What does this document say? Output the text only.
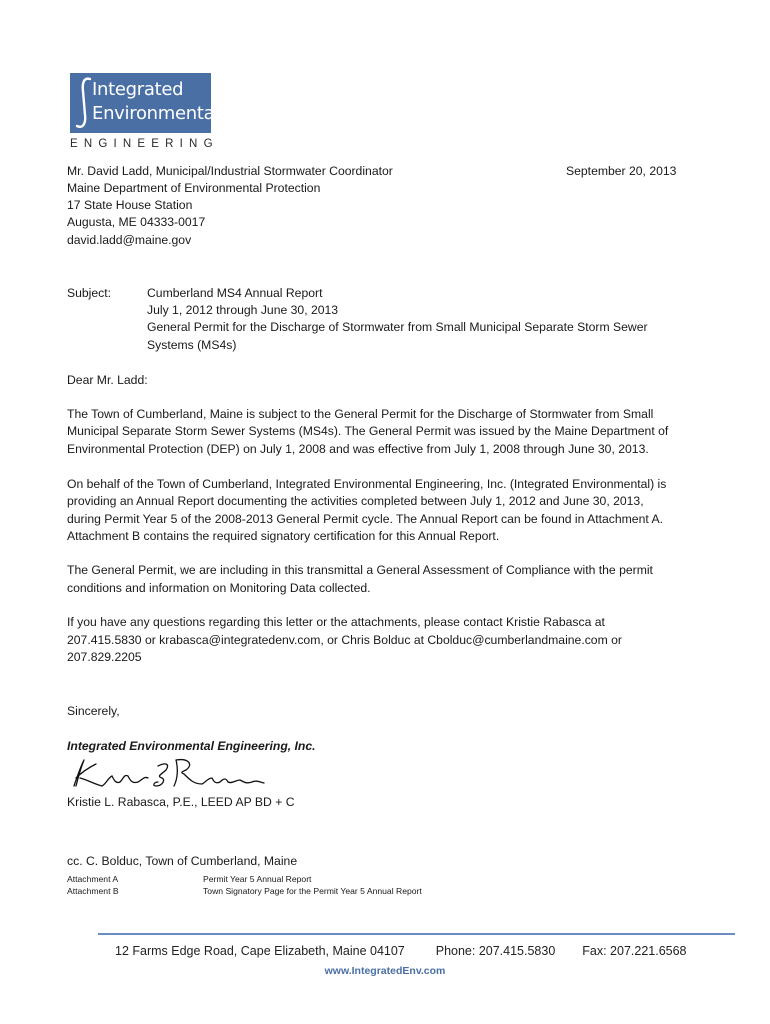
Integrated
Environmental
ENGINEERING
Mr. David Ladd, Municipal/Industrial Stormwater Coordinator
Maine Department of Environmental Protection
17 State House Station
Augusta, ME 04333-0017
david.ladd@maine.gov
September 20, 2013
Subject:	Cumberland MS4 Annual Report
July 1, 2012 through June 30, 2013
General Permit for the Discharge of Stormwater from Small Municipal Separate Storm Sewer
Systems (MS4s)
Dear Mr. Ladd:
The Town of Cumberland, Maine is subject to the General Permit for the Discharge of Stormwater from Small
Municipal Separate Storm Sewer Systems (MS4s). The General Permit was issued by the Maine Department of
Environmental Protection (DEP) on July 1, 2008 and was effective from July 1, 2008 through June 30, 2013.
On behalf of the Town of Cumberland, Integrated Environmental Engineering, Inc. (Integrated Environmental) is
providing an Annual Report documenting the activities completed between July 1, 2012 and June 30, 2013,
during Permit Year 5 of the 2008-2013 General Permit cycle. The Annual Report can be found in Attachment A.
Attachment B contains the required signatory certification for this Annual Report.
The General Permit, we are including in this transmittal a General Assessment of Compliance with the permit
conditions and information on Monitoring Data collected.
If you have any questions regarding this letter or the attachments, please contact Kristie Rabasca at
207.415.5830 or krabasca@integratedenv.com, or Chris Bolduc at Cbolduc@cumberlandmaine.com or
207.829.2205
Sincerely,
Integrated Environmental Engineering, Inc.
Kristie L. Rabasca, P.E., LEED AP BD + C
cc. C. Bolduc, Town of Cumberland, Maine
Attachment A	Permit Year 5 Annual Report
Attachment B	Town Signatory Page for the Permit Year 5 Annual Report
12 Farms Edge Road, Cape Elizabeth, Maine 04107 Phone: 207.415.5830 Fax: 207.221.6568
www.IntegratedEnv.com
